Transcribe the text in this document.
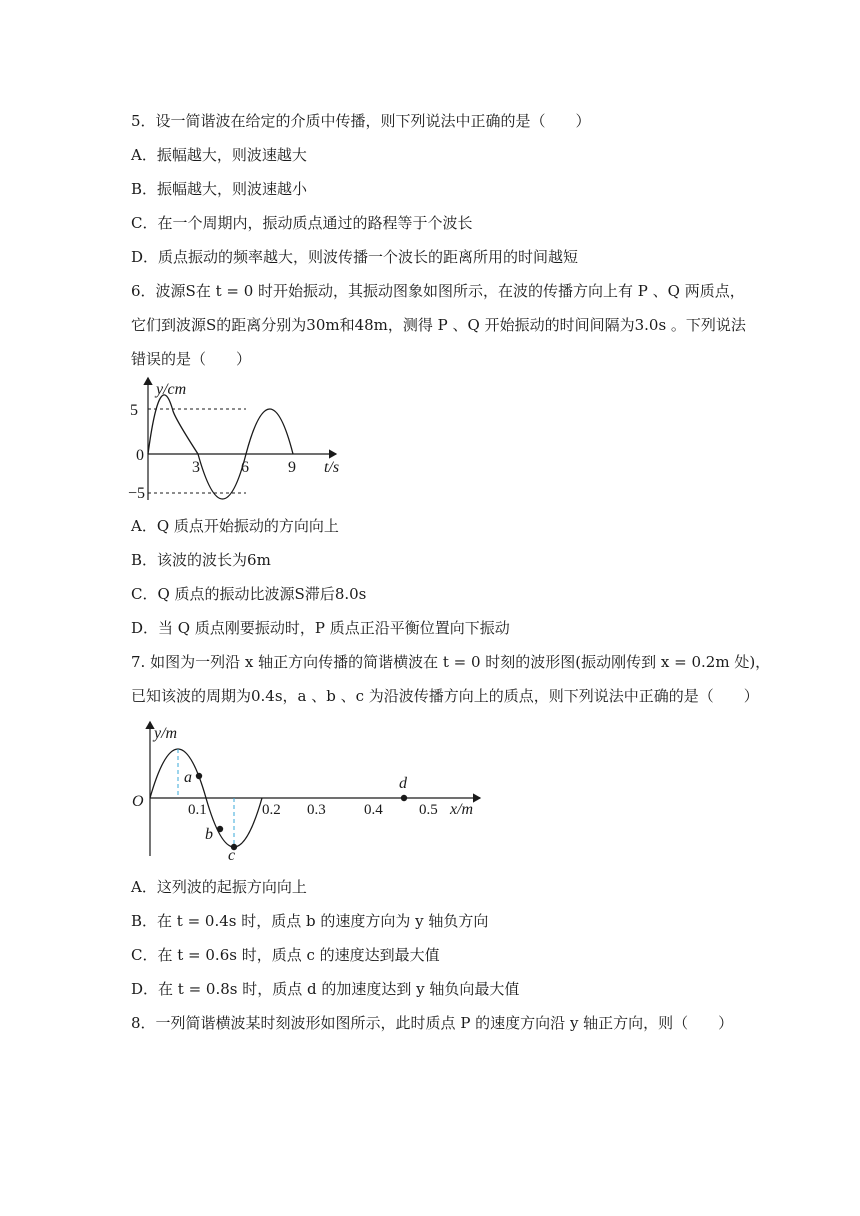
5．设一简谐波在给定的介质中传播，则下列说法中正确的是（　　）
A．振幅越大，则波速越大
B．振幅越大，则波速越小
C．在一个周期内，振动质点通过的路程等于个波长
D．质点振动的频率越大，则波传播一个波长的距离所用的时间越短
6．波源S在 t = 0 时开始振动，其振动图象如图所示，在波的传播方向上有 P 、Q 两质点，
它们到波源S的距离分别为30m和48m，测得 P 、Q 开始振动的时间间隔为3.0s 。下列说法
错误的是（　　）
y/cm
5
0
−5
3	6 9 t/s
A．Q 质点开始振动的方向向上
B．该波的波长为6m
C．Q 质点的振动比波源S滞后8.0s
D．当 Q 质点刚要振动时，P 质点正沿平衡位置向下振动
7. 如图为一列沿 x 轴正方向传播的简谐横波在 t = 0 时刻的波形图(振动刚传到 x = 0.2m 处)，
已知该波的周期为0.4s，a 、b 、c 为沿波传播方向上的质点，则下列说法中正确的是（　　）
y/m
O
a
b
c
d
0.1	0.2 0.3	0.4 0.5 x/m
A．这列波的起振方向向上
B．在 t = 0.4s 时，质点 b 的速度方向为 y 轴负方向
C．在 t = 0.6s 时，质点 c 的速度达到最大值
D．在 t = 0.8s 时，质点 d 的加速度达到 y 轴负向最大值
8．一列简谐横波某时刻波形如图所示，此时质点 P 的速度方向沿 y 轴正方向，则（　　）
